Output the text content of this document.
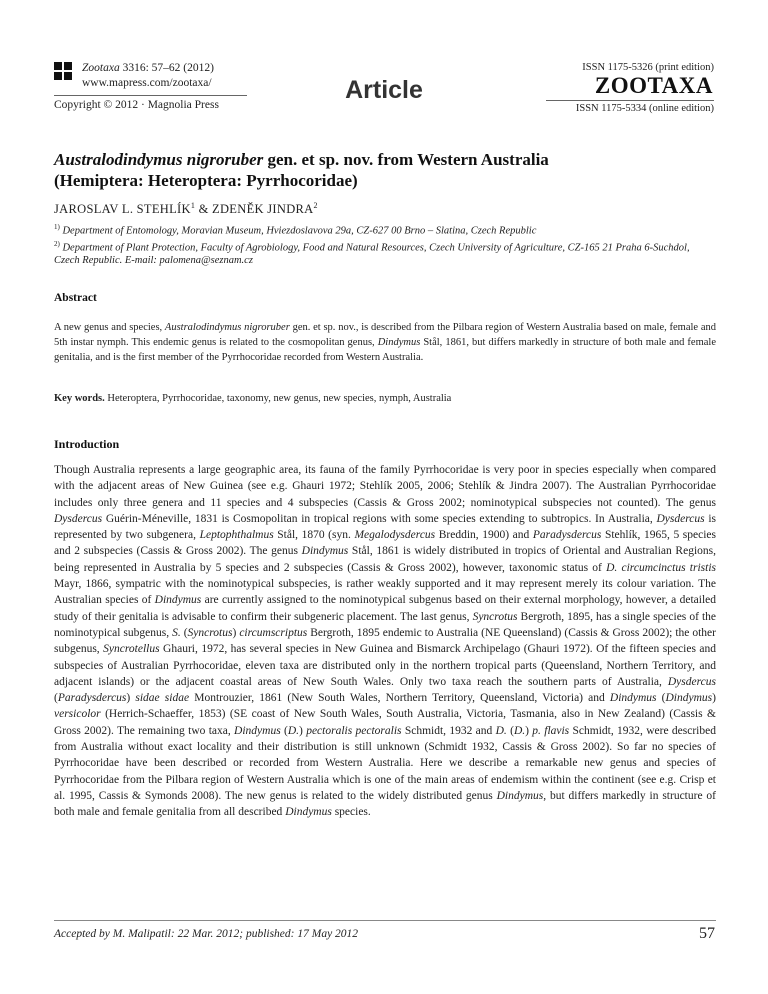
Zootaxa 3316: 57–62 (2012)
www.mapress.com/zootaxa/
Copyright © 2012 · Magnolia Press
Article
ISSN 1175-5326 (print edition)
ZOOTAXA
ISSN 1175-5334 (online edition)
Australodindymus nigroruber gen. et sp. nov. from Western Australia
(Hemiptera: Heteroptera: Pyrrhocoridae)
JAROSLAV L. STEHLÍK$^1$ & ZDENĚK JINDRA$^2$

$^{1)}$ Department of Entomology, Moravian Museum, Hviezdoslavova 29a, CZ-627 00 Brno – Slatina, Czech Republic

$^{2)}$ Department of Plant Protection, Faculty of Agrobiology, Food and Natural Resources, Czech University of Agriculture, CZ-165 21 Praha 6-Suchdol, Czech Republic. E-mail: palomena@seznam.cz

Abstract

A new genus and species, Australodindymus nigroruber gen. et sp. nov., is described from the Pilbara region of Western Australia based on male, female and 5th instar nymph. This endemic genus is related to the cosmopolitan genus, Dindymus Stål, 1861, but differs markedly in structure of both male and female genitalia, and is the first member of the Pyrrhocoridae recorded from Western Australia.

Key words. Heteroptera, Pyrrhocoridae, taxonomy, new genus, new species, nymph, Australia

Introduction

Though Australia represents a large geographic area, its fauna of the family Pyrrhocoridae is very poor in species especially when compared with the adjacent areas of New Guinea (see e.g. Ghauri 1972; Stehlík 2005, 2006; Stehlík & Jindra 2007). The Australian Pyrrhocoridae includes only three genera and 11 species and 4 subspecies (Cassis & Gross 2002; nominotypical subspecies not counted). The genus Dysdercus Guérin-Méneville, 1831 is Cosmopolitan in tropical regions with some species extending to subtropics. In Australia, Dysdercus is represented by two subgenera, Leptophthalmus Stål, 1870 (syn. Megalodysdercus Breddin, 1900) and Paradysdercus Stehlík, 1965, 5 species and 2 subspecies (Cassis & Gross 2002). The genus Dindymus Stål, 1861 is widely distributed in tropics of Oriental and Australian Regions, being represented in Australia by 5 species and 2 subspecies (Cassis & Gross 2002), however, taxonomic status of D. circumcinctus tristis Mayr, 1866, sympatric with the nominotypical subspecies, is rather weakly supported and it may represent merely its colour variation. The Australian species of Dindymus are currently assigned to the nominotypical subgenus based on their external morphology, however, a detailed study of their genitalia is advisable to confirm their subgeneric placement. The last genus, Syncrotus Bergroth, 1895, has a single species of the nominotypical subgenus, S. (Syncrotus) circumscriptus Bergroth, 1895 endemic to Australia (NE Queensland) (Cassis & Gross 2002); the other subgenus, Syncrotellus Ghauri, 1972, has several species in New Guinea and Bismarck Archipelago (Ghauri 1972). Of the fifteen species and subspecies of Australian Pyrrhocoridae, eleven taxa are distributed only in the northern tropical parts (Queensland, Northern Territory, and adjacent islands) or the adjacent coastal areas of New South Wales. Only two taxa reach the southern parts of Australia, Dysdercus (Paradysdercus) sidae sidae Montrouzier, 1861 (New South Wales, Northern Territory, Queensland, Victoria) and Dindymus (Dindymus) versicolor (Herrich-Schaeffer, 1853) (SE coast of New South Wales, South Australia, Victoria, Tasmania, also in New Zealand) (Cassis & Gross 2002). The remaining two taxa, Dindymus (D.) pectoralis pectoralis Schmidt, 1932 and D. (D.) p. flavis Schmidt, 1932, were described from Australia without exact locality and their distribution is still unknown (Schmidt 1932, Cassis & Gross 2002). So far no species of Pyrrhocoridae have been described or recorded from Western Australia. Here we describe a remarkable new genus and species of Pyrrhocoridae from the Pilbara region of Western Australia which is one of the main areas of endemism within the continent (see e.g. Crisp et al. 1995, Cassis & Symonds 2008). The new genus is related to the widely distributed genus Dindymus, but differs markedly in structure of both male and female genitalia from all described Dindymus species.

Accepted by M. Malipatil: 22 Mar. 2012; published: 17 May 2012	57
